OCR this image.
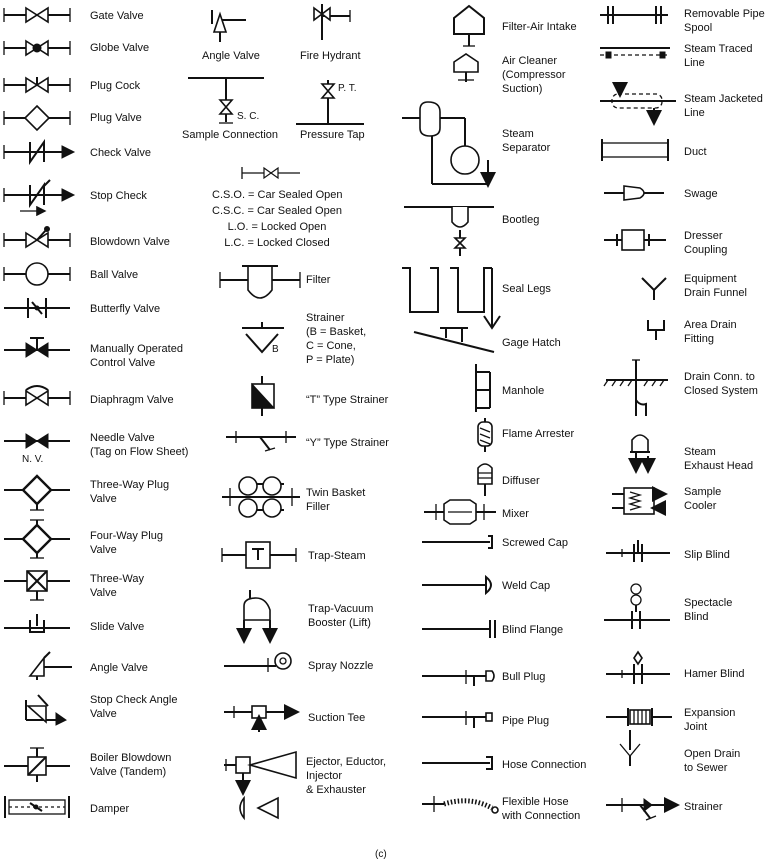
Gate Valve
Globe Valve
Plug Cock
Plug Valve
Check Valve
Stop Check
Blowdown Valve
Ball Valve
Butterfly Valve
Manually Operated
Control Valve
Diaphragm Valve
Needle Valve
(Tag on Flow Sheet)
N. V.
Three-Way Plug
Valve
Four-Way Plug
Valve
Three-Way
Valve
Slide Valve
Angle Valve
Stop Check Angle
Valve
Boiler Blowdown
Valve (Tandem)
Damper
Angle Valve	Fire Hydrant
S. C.
Sample Connection
P. T.
Pressure Tap
C.S.O. = Car Sealed Open
C.S.C. = Car Sealed Open
L.O. = Locked Open
L.C. = Locked Closed
Filter
Strainer
(B = Basket,
C = Cone,
P = Plate)
B
“T” Type Strainer
“Y” Type Strainer
Twin Basket
Filler
Trap-Steam
Trap-Vacuum
Booster (Lift)
Spray Nozzle
Suction Tee
Ejector, Eductor,
Injector
& Exhauster
Filter-Air Intake
Air Cleaner
(Compressor
Suction)
Steam
Separator
Bootleg
Seal Legs
Gage Hatch
Manhole
Flame Arrester
Diffuser
Mixer
Screwed Cap
Weld Cap
Blind Flange
Bull Plug
Pipe Plug
Hose Connection
Flexible Hose
with Connection
Removable Pipe
Spool
Steam Traced
Line
Steam Jacketed
Line
Duct
Swage
Dresser
Coupling
Equipment
Drain Funnel
Area Drain
Fitting
Drain Conn. to
Closed System
Steam
Exhaust Head
Sample
Cooler
Slip Blind
Spectacle
Blind
Hamer Blind
Expansion
Joint
Open Drain
to Sewer
Strainer
(c)
